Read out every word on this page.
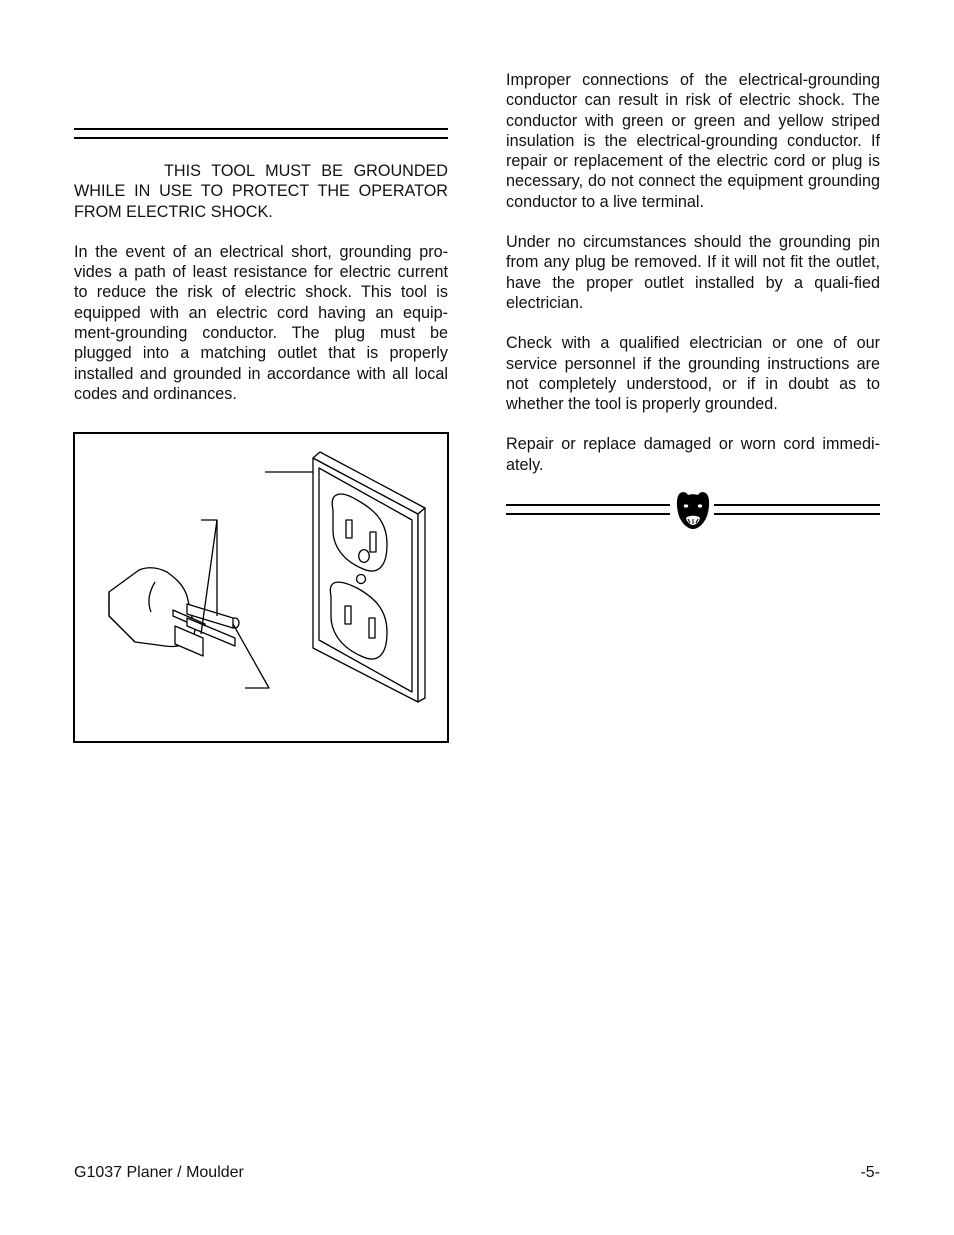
THIS TOOL MUST BE GROUNDED WHILE IN USE TO PROTECT THE OPERATOR FROM ELECTRIC SHOCK.

In the event of an electrical short, grounding pro-vides a path of least resistance for electric current to reduce the risk of electric shock. This tool is equipped with an electric cord having an equip-ment-grounding conductor. The plug must be plugged into a matching outlet that is properly installed and grounded in accordance with all local codes and ordinances.

Improper connections of the electrical-grounding conductor can result in risk of electric shock. The conductor with green or green and yellow striped insulation is the electrical-grounding conductor. If repair or replacement of the electric cord or plug is necessary, do not connect the equipment grounding conductor to a live terminal.

Under no circumstances should the grounding pin from any plug be removed. If it will not fit the outlet, have the proper outlet installed by a quali-fied electrician.

Check with a qualified electrician or one of our service personnel if the grounding instructions are not completely understood, or if in doubt as to whether the tool is properly grounded.

Repair or replace damaged or worn cord immedi-ately.

G1037 Planer / Moulder	-5-
